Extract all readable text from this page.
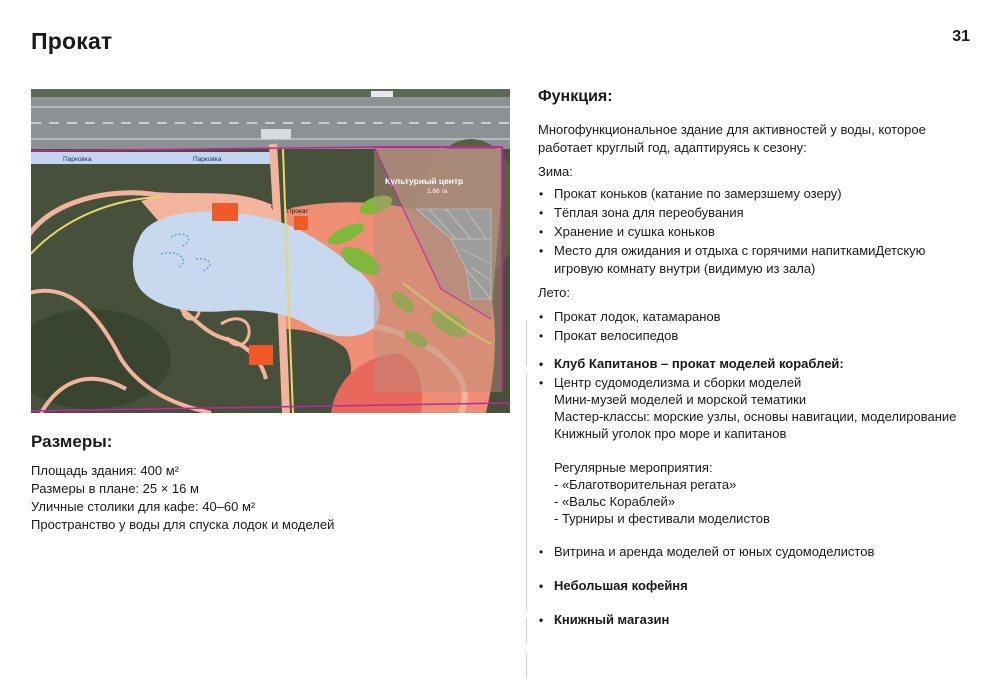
Прокат	31
Парковка	Парковка
Прокат
Культурный центр
1.66 га
Размеры:
Площадь здания: 400 м²
Размеры в плане: 25 × 16 м
Уличные столики для кафе: 40–60 м²
Пространство у воды для спуска лодок и моделей
Функция:
Многофункциональное здание для активностей у воды, которое работает круглый год, адаптируясь к сезону:
Зима:
• Прокат коньков (катание по замерзшему озеру)
• Тёплая зона для переобувания
• Хранение и сушка коньков
• Место для ожидания и отдыха с горячими напиткамиДетскую игровую комнату внутри (видимую из зала)
Лето:
• Прокат лодок, катамаранов
• Прокат велосипедов
• Клуб Капитанов – прокат моделей кораблей:
• Центр судомоделизма и сборки моделей
Мини-музей моделей и морской тематики
Мастер-классы: морские узлы, основы навигации, моделирование
Книжный уголок про море и капитанов
Регулярные мероприятия:
- «Благотворительная регата»
- «Вальс Кораблей»
- Турниры и фестивали моделистов
• Витрина и аренда моделей от юных судомоделистов
• Небольшая кофейня
• Книжный магазин
